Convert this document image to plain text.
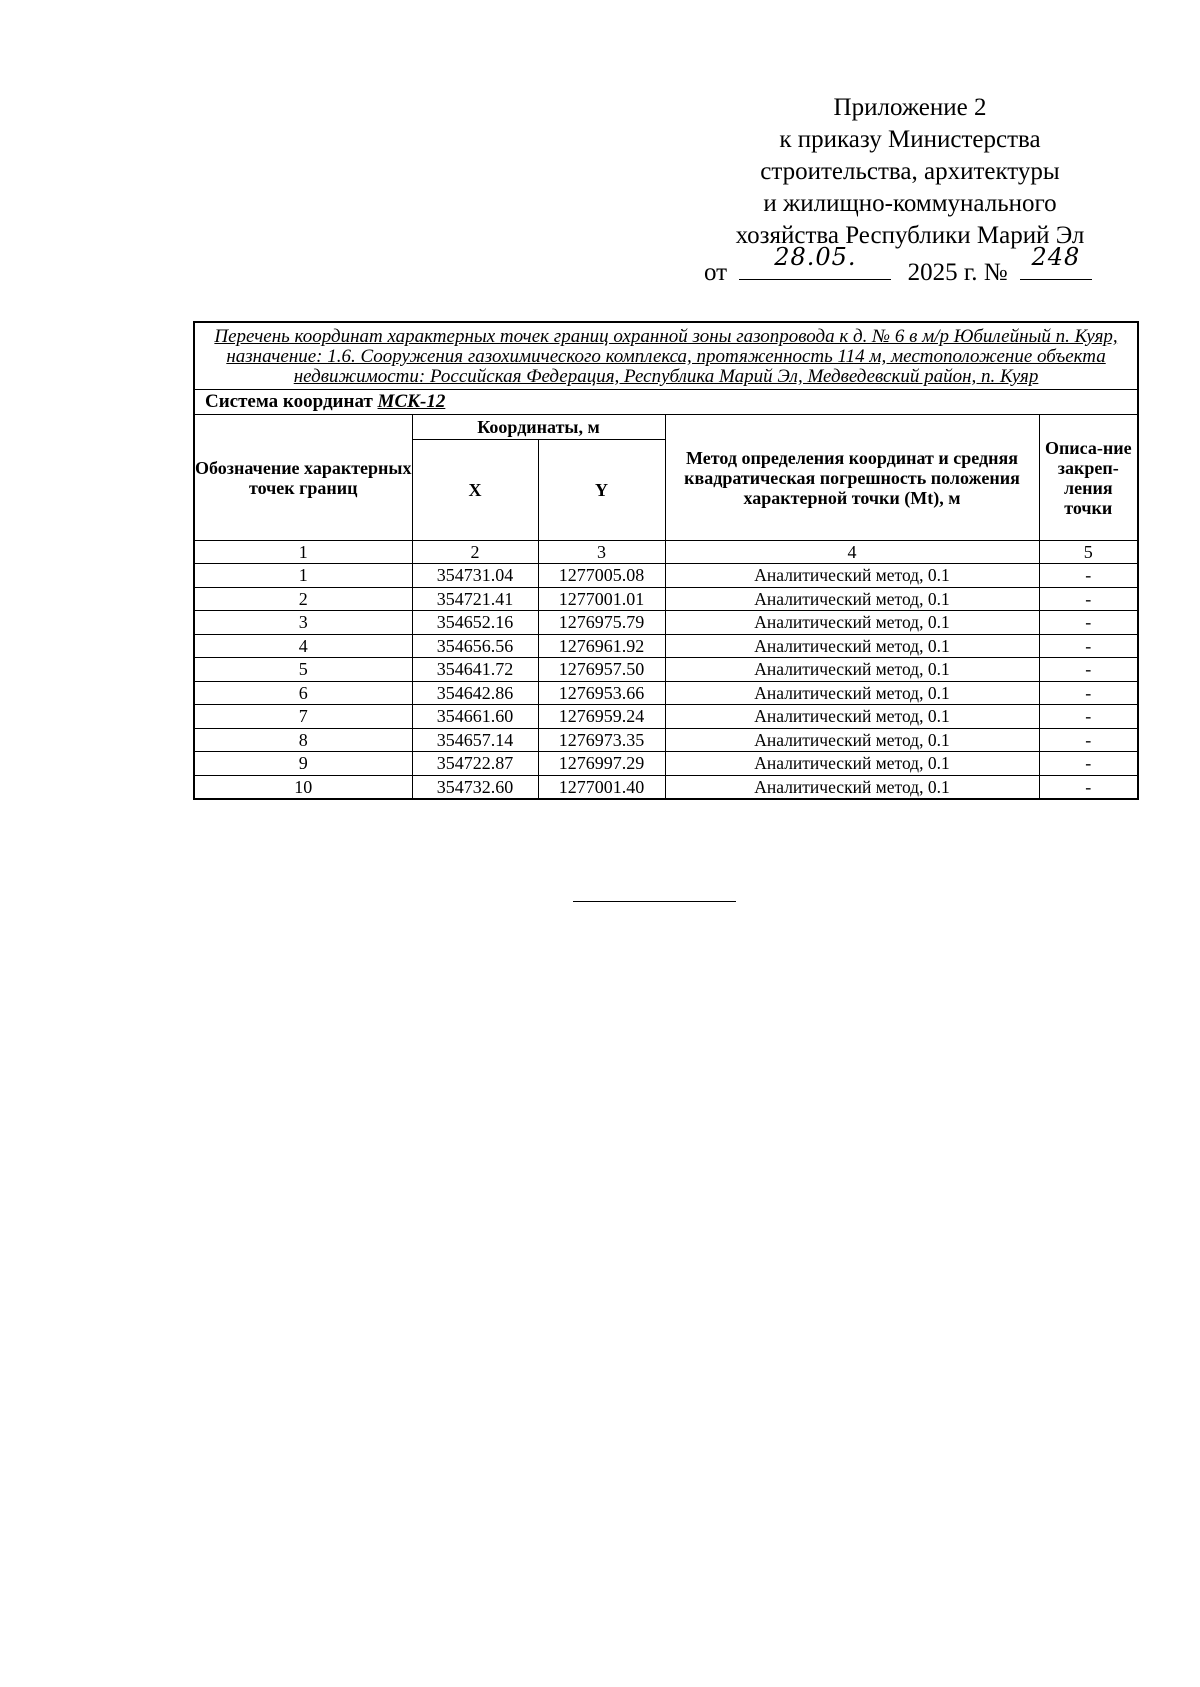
Приложение 2
к приказу Министерства
строительства, архитектуры
и жилищно-коммунального
хозяйства Республики Марий Эл
от
28.05.
2025 г. №
248
Перечень координат характерных точек границ охранной зоны газопровода к д. № 6 в м/р Юбилейный п. Куяр, назначение: 1.6. Сооружения газохимического комплекса, протяженность 114 м, местоположение объекта недвижимости: Российская Федерация, Республика Марий Эл, Медведевский район, п. Куяр				
Система координат МСК-12				
Обозначение характерных точек границ	Координаты, м		Метод определения координат и средняя квадратическая погрешность положения характерной точки (Mt), м	Описа-ние закреп-ления точки
	X	Y		
1	2	3	4	5
1	354731.04	1277005.08	Аналитический метод, 0.1	-
2	354721.41	1277001.01	Аналитический метод, 0.1	-
3	354652.16	1276975.79	Аналитический метод, 0.1	-
4	354656.56	1276961.92	Аналитический метод, 0.1	-
5	354641.72	1276957.50	Аналитический метод, 0.1	-
6	354642.86	1276953.66	Аналитический метод, 0.1	-
7	354661.60	1276959.24	Аналитический метод, 0.1	-
8	354657.14	1276973.35	Аналитический метод, 0.1	-
9	354722.87	1276997.29	Аналитический метод, 0.1	-
10	354732.60	1277001.40	Аналитический метод, 0.1	-
